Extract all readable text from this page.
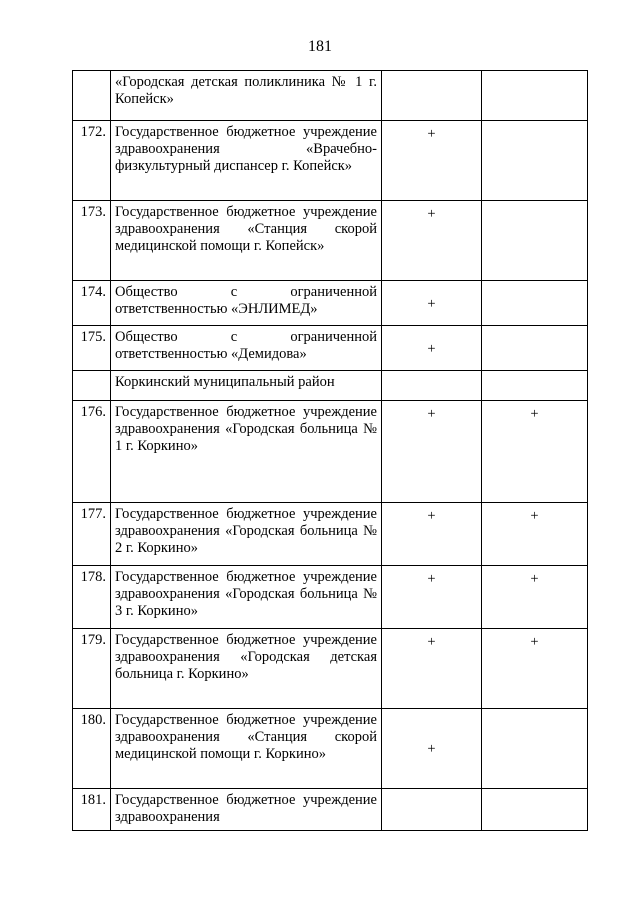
181
	«Городская детская поликлиника № 1 г. Копейск»		
172.	Государственное бюджетное учреждение здравоохранения «Врачебно-физкультурный диспансер г. Копейск»	+	
173.	Государственное бюджетное учреждение здравоохранения «Станция скорой медицинской помощи г. Копейск»	+	
174.	Общество с ограниченной ответственностью «ЭНЛИМЕД»	+	
175.	Общество с ограниченной ответственностью «Демидова»	+	
	Коркинский муниципальный район		
176.	Государственное бюджетное учреждение здравоохранения «Городская больница № 1 г. Коркино»	+	+
177.	Государственное бюджетное учреждение здравоохранения «Городская больница № 2 г. Коркино»	+	+
178.	Государственное бюджетное учреждение здравоохранения «Городская больница № 3 г. Коркино»	+	+
179.	Государственное бюджетное учреждение здравоохранения «Городская детская больница г. Коркино»	+	+
180.	Государственное бюджетное учреждение здравоохранения «Станция скорой медицинской помощи г. Коркино»	+	
181.	Государственное бюджетное учреждение здравоохранения		
